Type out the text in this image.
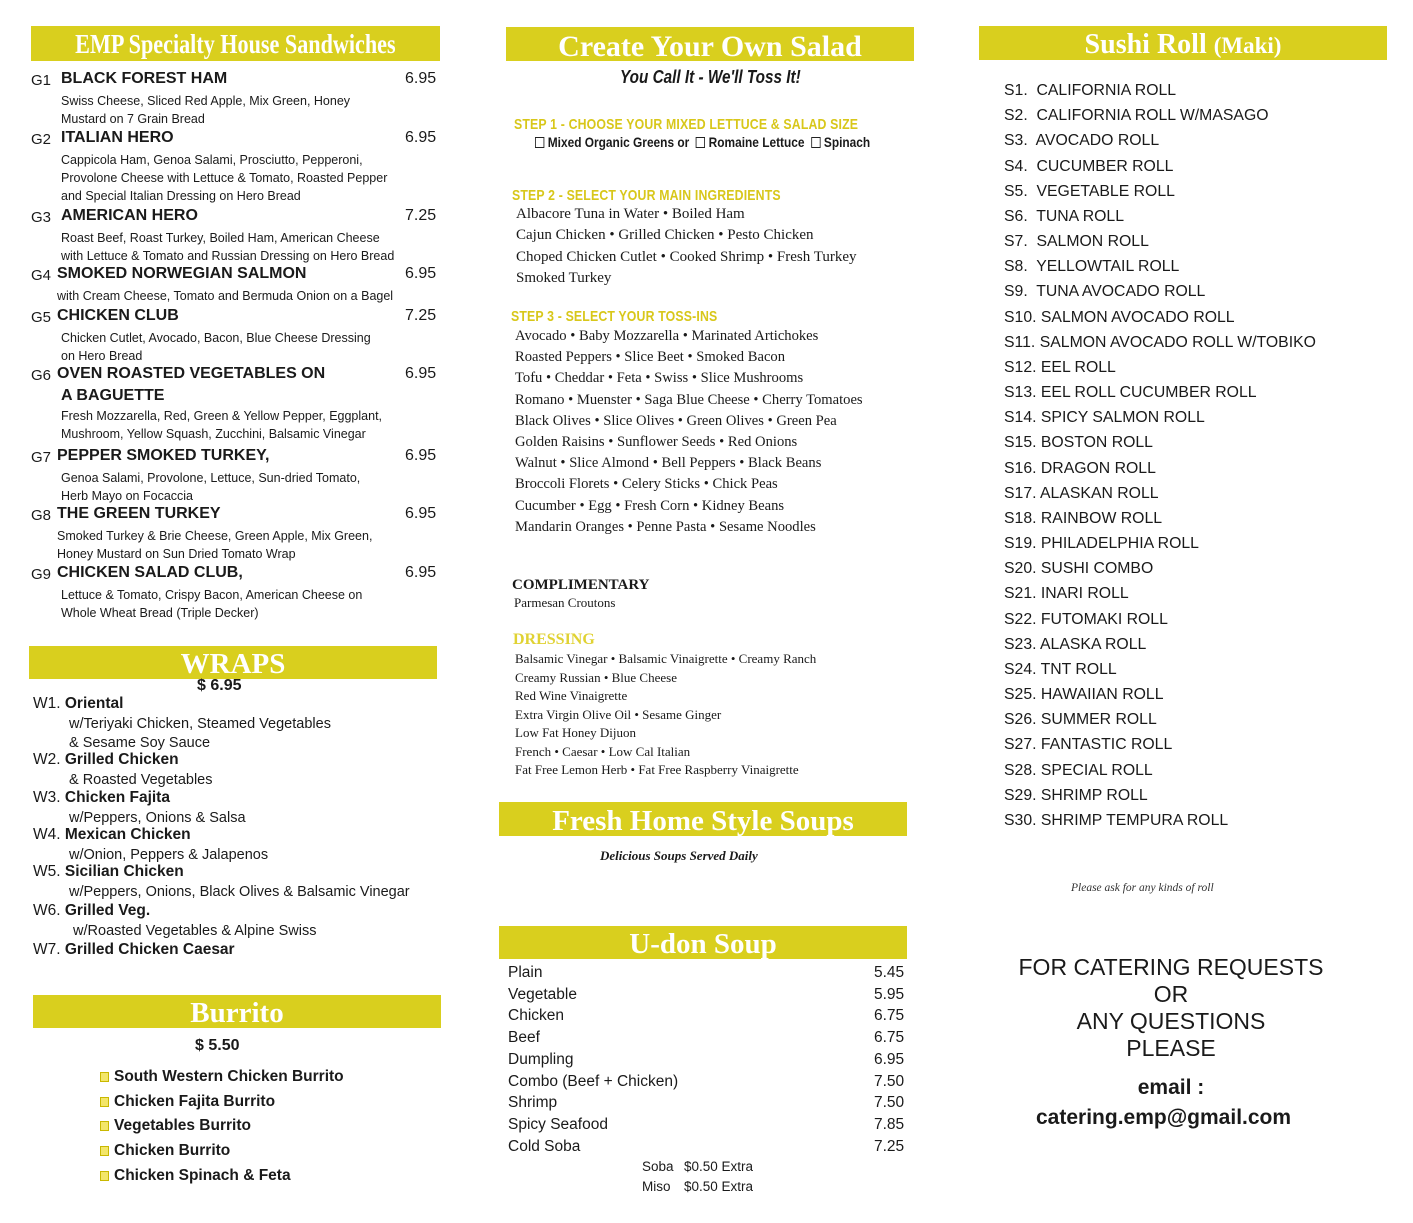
EMP Specialty House Sandwiches
G1 BLACK FOREST HAM	6.95
Swiss Cheese, Sliced Red Apple, Mix Green, Honey
Mustard on 7 Grain Bread
G2 ITALIAN HERO	6.95
Cappicola Ham, Genoa Salami, Prosciutto, Pepperoni,
Provolone Cheese with Lettuce & Tomato, Roasted Pepper
and Special Italian Dressing on Hero Bread
G3 AMERICAN HERO	7.25
Roast Beef, Roast Turkey, Boiled Ham, American Cheese
with Lettuce & Tomato and Russian Dressing on Hero Bread
G4 SMOKED NORWEGIAN SALMON	6.95
with Cream Cheese, Tomato and Bermuda Onion on a Bagel
G5 CHICKEN CLUB	7.25
Chicken Cutlet, Avocado, Bacon, Blue Cheese Dressing
on Hero Bread
G6 OVEN ROASTED VEGETABLES ON	6.95
A BAGUETTE
Fresh Mozzarella, Red, Green & Yellow Pepper, Eggplant,
Mushroom, Yellow Squash, Zucchini, Balsamic Vinegar
G7 PEPPER SMOKED TURKEY,	6.95
Genoa Salami, Provolone, Lettuce, Sun-dried Tomato,
Herb Mayo on Focaccia
G8 THE GREEN TURKEY	6.95
Smoked Turkey & Brie Cheese, Green Apple, Mix Green,
Honey Mustard on Sun Dried Tomato Wrap
G9 CHICKEN SALAD CLUB,	6.95
Lettuce & Tomato, Crispy Bacon, American Cheese on
Whole Wheat Bread (Triple Decker)
WRAPS
$ 6.95
W1. Oriental
w/Teriyaki Chicken, Steamed Vegetables
& Sesame Soy Sauce
W2. Grilled Chicken
& Roasted Vegetables
W3. Chicken Fajita
w/Peppers, Onions & Salsa
W4. Mexican Chicken
w/Onion, Peppers & Jalapenos
W5. Sicilian Chicken
w/Peppers, Onions, Black Olives & Balsamic Vinegar
W6. Grilled Veg.
w/Roasted Vegetables & Alpine Swiss
W7. Grilled Chicken Caesar
Burrito
$ 5.50
South Western Chicken Burrito
Chicken Fajita Burrito
Vegetables Burrito
Chicken Burrito
Chicken Spinach & Feta
Create Your Own Salad
You Call It - We'll Toss It!
STEP 1 - CHOOSE YOUR MIXED LETTUCE & SALAD SIZE
Mixed Organic Greens or Romaine Lettuce Spinach
STEP 2 - SELECT YOUR MAIN INGREDIENTS
Albacore Tuna in Water • Boiled Ham
Cajun Chicken • Grilled Chicken • Pesto Chicken
Choped Chicken Cutlet • Cooked Shrimp • Fresh Turkey
Smoked Turkey
STEP 3 - SELECT YOUR TOSS-INS
Avocado • Baby Mozzarella • Marinated Artichokes
Roasted Peppers • Slice Beet • Smoked Bacon
Tofu • Cheddar • Feta • Swiss • Slice Mushrooms
Romano • Muenster • Saga Blue Cheese • Cherry Tomatoes
Black Olives • Slice Olives • Green Olives • Green Pea
Golden Raisins • Sunflower Seeds • Red Onions
Walnut • Slice Almond • Bell Peppers • Black Beans
Broccoli Florets • Celery Sticks • Chick Peas
Cucumber • Egg • Fresh Corn • Kidney Beans
Mandarin Oranges • Penne Pasta • Sesame Noodles
COMPLIMENTARY
Parmesan Croutons
DRESSING
Balsamic Vinegar • Balsamic Vinaigrette • Creamy Ranch
Creamy Russian • Blue Cheese
Red Wine Vinaigrette
Extra Virgin Olive Oil • Sesame Ginger
Low Fat Honey Dijuon
French • Caesar • Low Cal Italian
Fat Free Lemon Herb • Fat Free Raspberry Vinaigrette
Fresh Home Style Soups
Delicious Soups Served Daily
U-don Soup
Plain	5.45
Vegetable	5.95
Chicken	6.75
Beef	6.75
Dumpling	6.95
Combo (Beef + Chicken)	7.50
Shrimp	7.50
Spicy Seafood	7.85
Cold Soba	7.25
Soba $0.50 Extra
Miso $0.50 Extra
Sushi Roll (Maki)
S1.  CALIFORNIA ROLL
S2.  CALIFORNIA ROLL W/MASAGO
S3.  AVOCADO ROLL
S4.  CUCUMBER ROLL
S5.  VEGETABLE ROLL
S6.  TUNA ROLL
S7.  SALMON ROLL
S8.  YELLOWTAIL ROLL
S9.  TUNA AVOCADO ROLL
S10. SALMON AVOCADO ROLL
S11. SALMON AVOCADO ROLL W/TOBIKO
S12. EEL ROLL
S13. EEL ROLL CUCUMBER ROLL
S14. SPICY SALMON ROLL
S15. BOSTON ROLL
S16. DRAGON ROLL
S17. ALASKAN ROLL
S18. RAINBOW ROLL
S19. PHILADELPHIA ROLL
S20. SUSHI COMBO
S21. INARI ROLL
S22. FUTOMAKI ROLL
S23. ALASKA ROLL
S24. TNT ROLL
S25. HAWAIIAN ROLL
S26. SUMMER ROLL
S27. FANTASTIC ROLL
S28. SPECIAL ROLL
S29. SHRIMP ROLL
S30. SHRIMP TEMPURA ROLL
Please ask for any kinds of roll
FOR CATERING REQUESTS
OR
ANY QUESTIONS
PLEASE
email :
catering.emp@gmail.com
